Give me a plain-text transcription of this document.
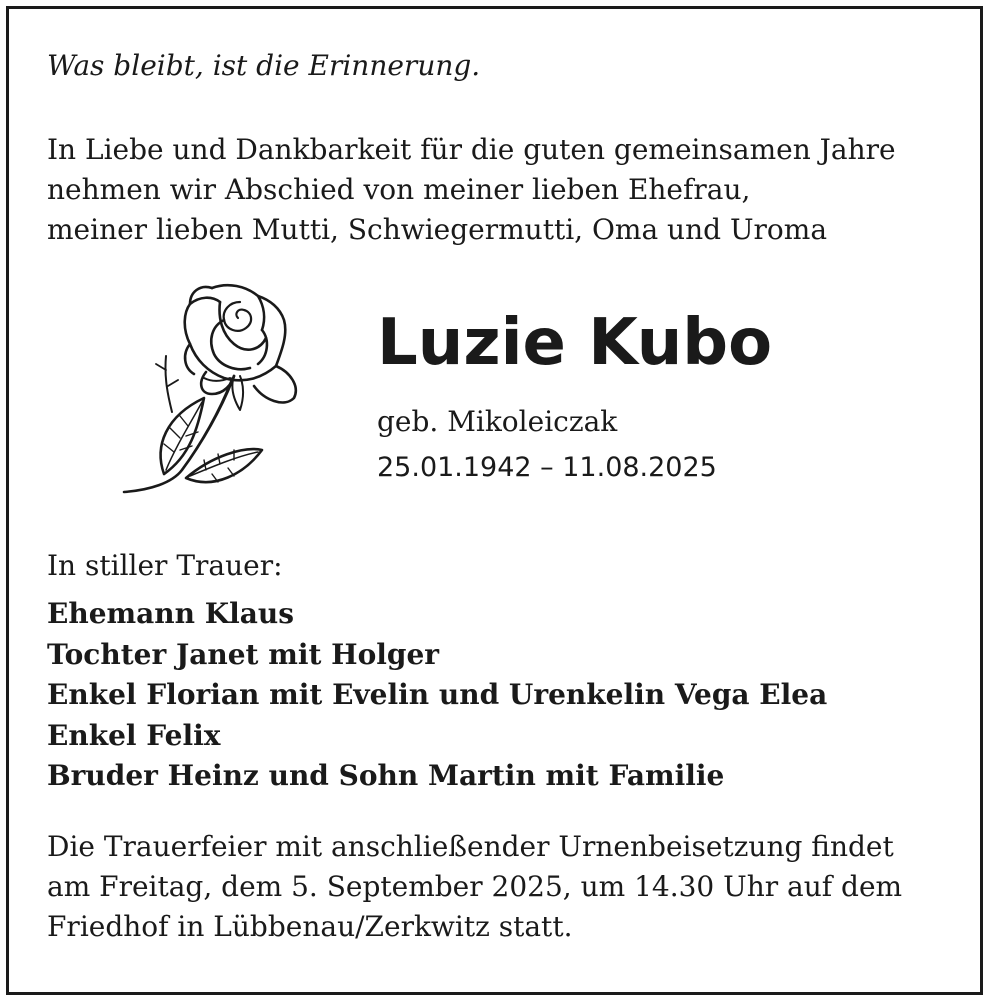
Was bleibt, ist die Erinnerung.
In Liebe und Dankbarkeit für die guten gemeinsamen Jahre
nehmen wir Abschied von meiner lieben Ehefrau,
meiner lieben Mutti, Schwiegermutti, Oma und Uroma
Luzie Kubo
geb. Mikoleiczak
25.01.1942 – 11.08.2025
In stiller Trauer:
Ehemann Klaus
Tochter Janet mit Holger
Enkel Florian mit Evelin und Urenkelin Vega Elea
Enkel Felix
Bruder Heinz und Sohn Martin mit Familie
Die Trauerfeier mit anschließender Urnenbeisetzung findet
am Freitag, dem 5. September 2025, um 14.30 Uhr auf dem
Friedhof in Lübbenau/Zerkwitz statt.
